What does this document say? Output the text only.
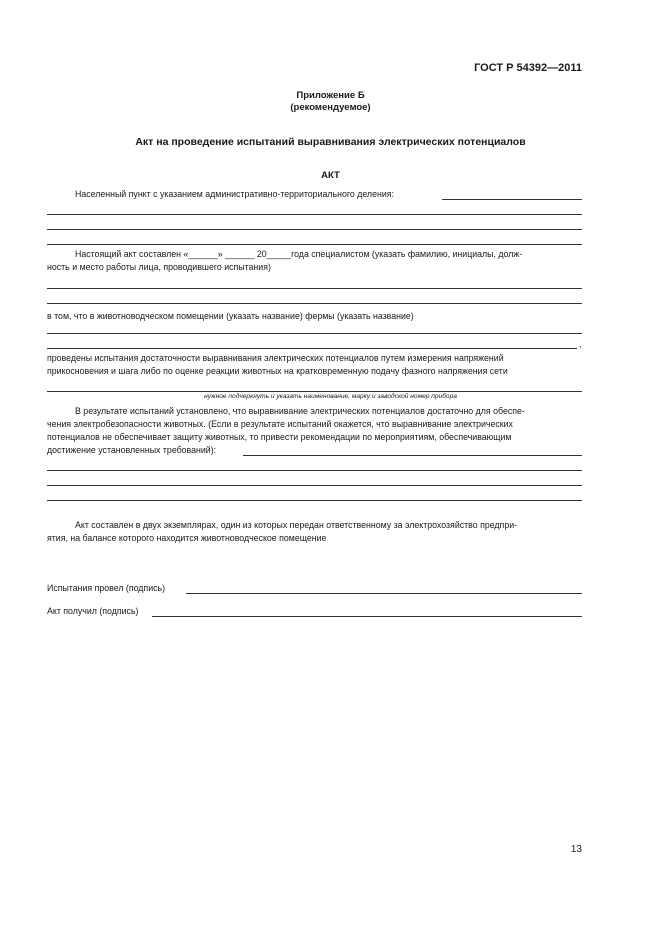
ГОСТ Р 54392—2011
Приложение Б
(рекомендуемое)
Акт на проведение испытаний выравнивания электрических потенциалов
АКТ
Населенный пункт с указанием административно-территориального деления:
Настоящий акт составлен «______» ______ 20_____года специалистом (указать фамилию, инициалы, долж-
ность и место работы лица, проводившего испытания)
в том, что в животноводческом помещении (указать название) фермы (указать название)
,
проведены испытания достаточности выравнивания электрических потенциалов путем измерения напряжений
прикосновения и шага либо по оценке реакции животных на кратковременную подачу фазного напряжения сети
нужное подчеркнуть и указать наименование, марку и заводской номер прибора
В результате испытаний установлено, что выравнивание электрических потенциалов достаточно для обеспе-
чения электробезопасности животных. (Если в результате испытаний окажется, что выравнивание электрических
потенциалов не обеспечивает защиту животных, то привести рекомендации по мероприятиям, обеспечивающим
достижение установленных требований):
Акт составлен в двух экземплярах, один из которых передан ответственному за электрохозяйство предпри-
ятия, на балансе которого находится животноводческое помещение
Испытания провел (подпись)
Акт получил (подпись)
13
